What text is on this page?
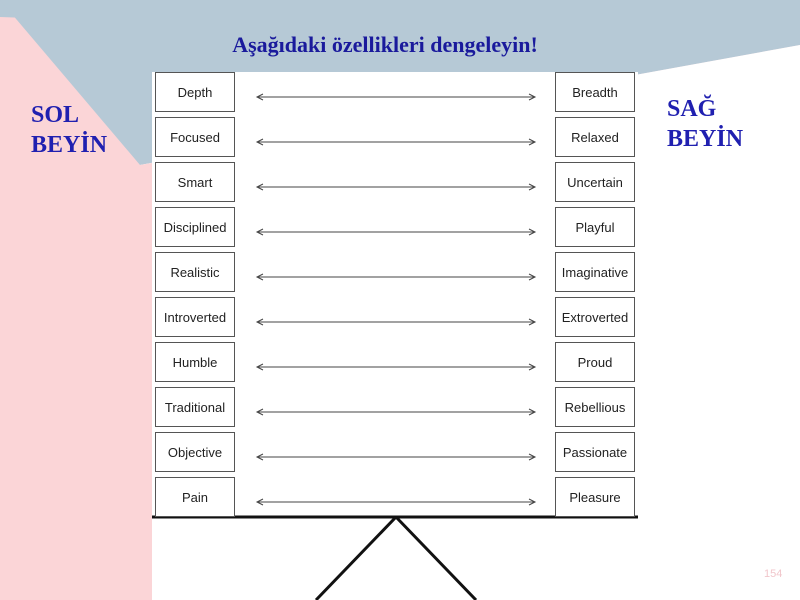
Aşağıdaki özellikleri dengeleyin!
SOL
BEYİN
SAĞ
BEYİN
Depth	Breadth
Focused	Relaxed
Smart	Uncertain
Disciplined	Playful
Realistic	Imaginative
Introverted	Extroverted
Humble	Proud
Traditional	Rebellious
Objective	Passionate
Pain	Pleasure
154
